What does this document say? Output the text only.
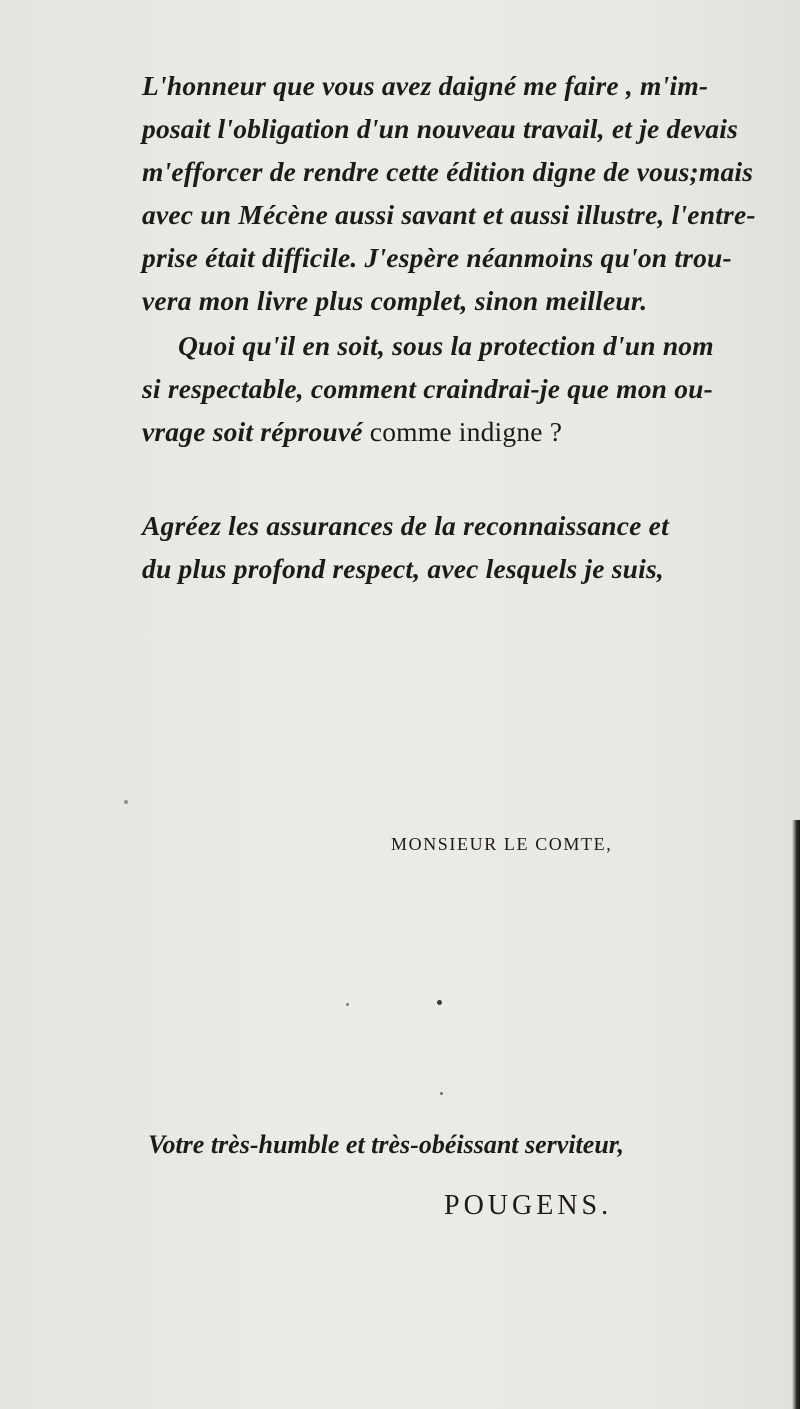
L'honneur que vous avez daigné me faire , m'im-
posait l'obligation d'un nouveau travail, et je devais
m'efforcer de rendre cette édition digne de vous;mais
avec un Mécène aussi savant et aussi illustre, l'entre-
prise était difficile. J'espère néanmoins qu'on trou-
vera mon livre plus complet, sinon meilleur.

Quoi qu'il en soit, sous la protection d'un nom
si respectable, comment craindrai-je que mon ou-
vrage soit réprouvé comme indigne ?

Agréez les assurances de la reconnaissance et
du plus profond respect, avec lesquels je suis,

MONSIEUR LE COMTE,
Votre très-humble et très-obéissant serviteur,
POUGENS.
